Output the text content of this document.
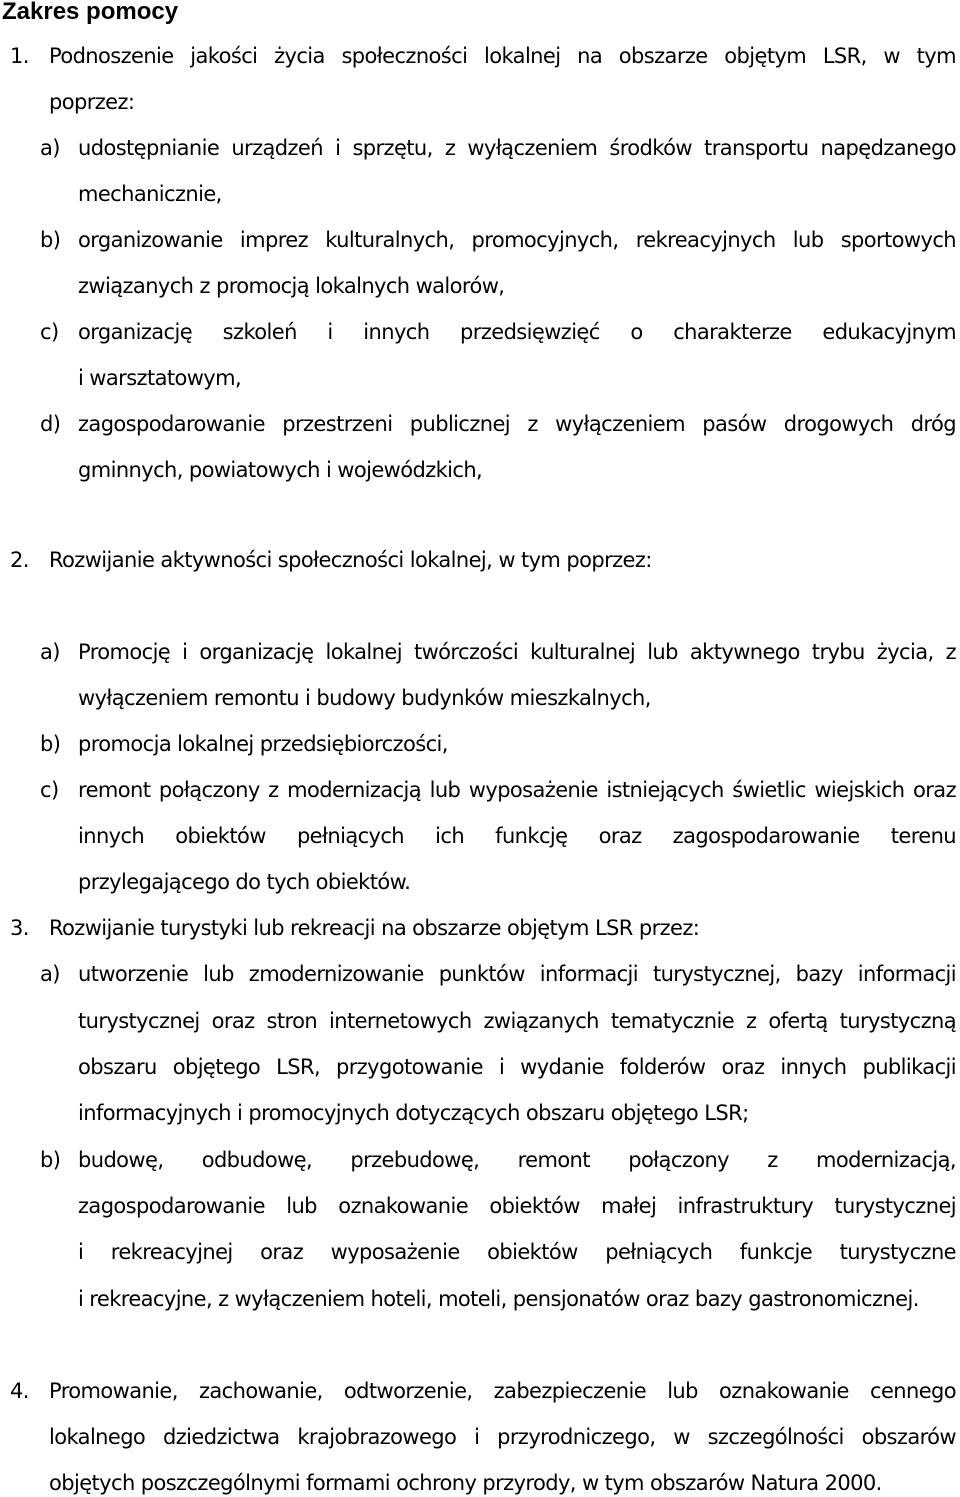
Zakres pomocy
1. Podnoszenie jakości życia społeczności lokalnej na obszarze objętym LSR, w tym
poprzez:
a) udostępnianie urządzeń i sprzętu, z wyłączeniem środków transportu napędzanego
mechanicznie,
b) organizowanie imprez kulturalnych, promocyjnych, rekreacyjnych lub sportowych
związanych z promocją lokalnych walorów,
c) organizację szkoleń i innych przedsięwzięć o charakterze edukacyjnym
i warsztatowym,
d) zagospodarowanie przestrzeni publicznej z wyłączeniem pasów drogowych dróg
gminnych, powiatowych i wojewódzkich,
2. Rozwijanie aktywności społeczności lokalnej, w tym poprzez:
a) Promocję i organizację lokalnej twórczości kulturalnej lub aktywnego trybu życia, z
wyłączeniem remontu i budowy budynków mieszkalnych,
b) promocja lokalnej przedsiębiorczości,
c) remont połączony z modernizacją lub wyposażenie istniejących świetlic wiejskich oraz
innych obiektów pełniących ich funkcję oraz zagospodarowanie terenu
przylegającego do tych obiektów.
3. Rozwijanie turystyki lub rekreacji na obszarze objętym LSR przez:
a) utworzenie lub zmodernizowanie punktów informacji turystycznej, bazy informacji
turystycznej oraz stron internetowych związanych tematycznie z ofertą turystyczną
obszaru objętego LSR, przygotowanie i wydanie folderów oraz innych publikacji
informacyjnych i promocyjnych dotyczących obszaru objętego LSR;
b) budowę, odbudowę, przebudowę, remont połączony z modernizacją,
zagospodarowanie lub oznakowanie obiektów małej infrastruktury turystycznej
i rekreacyjnej oraz wyposażenie obiektów pełniących funkcje turystyczne
i rekreacyjne, z wyłączeniem hoteli, moteli, pensjonatów oraz bazy gastronomicznej.
4. Promowanie, zachowanie, odtworzenie, zabezpieczenie lub oznakowanie cennego
lokalnego dziedzictwa krajobrazowego i przyrodniczego, w szczególności obszarów
objętych poszczególnymi formami ochrony przyrody, w tym obszarów Natura 2000.
